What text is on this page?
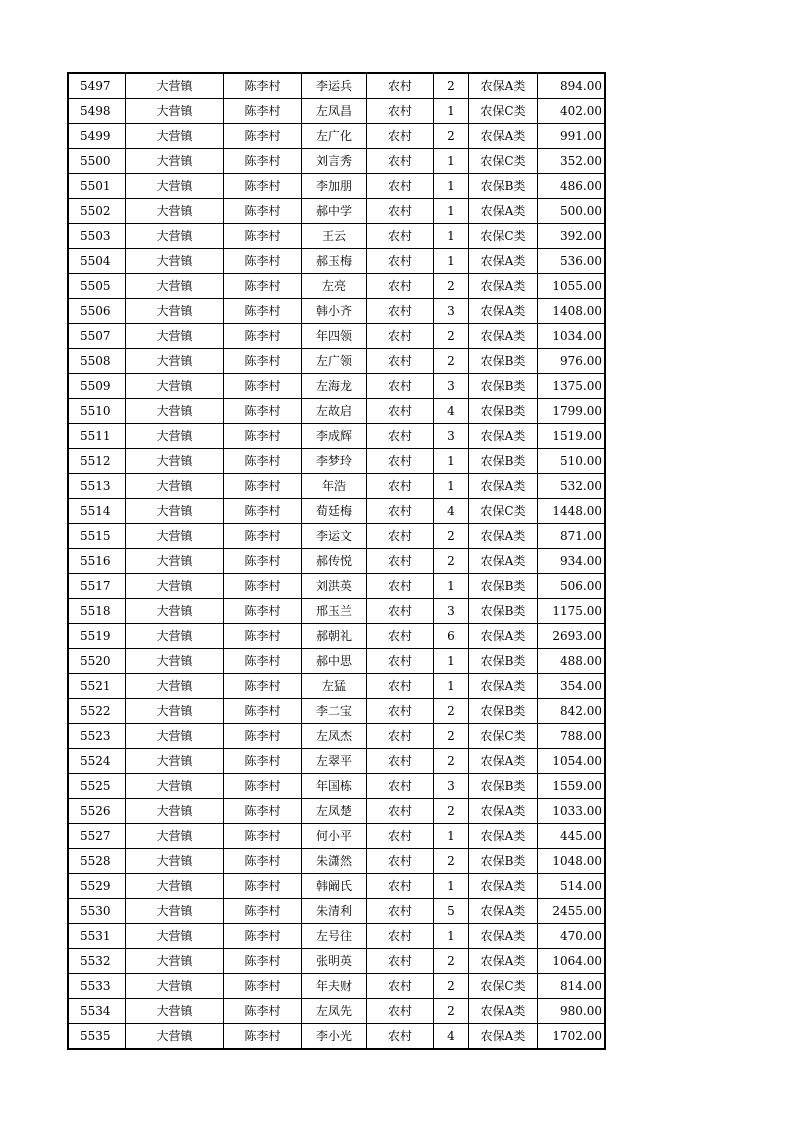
5497	大营镇	陈李村	李运兵	农村	2	农保A类	894.00
5498	大营镇	陈李村	左凤昌	农村	1	农保C类	402.00
5499	大营镇	陈李村	左广化	农村	2	农保A类	991.00
5500	大营镇	陈李村	刘言秀	农村	1	农保C类	352.00
5501	大营镇	陈李村	李加朋	农村	1	农保B类	486.00
5502	大营镇	陈李村	郝中学	农村	1	农保A类	500.00
5503	大营镇	陈李村	王云	农村	1	农保C类	392.00
5504	大营镇	陈李村	郝玉梅	农村	1	农保A类	536.00
5505	大营镇	陈李村	左亮	农村	2	农保A类	1055.00
5506	大营镇	陈李村	韩小齐	农村	3	农保A类	1408.00
5507	大营镇	陈李村	年四领	农村	2	农保A类	1034.00
5508	大营镇	陈李村	左广领	农村	2	农保B类	976.00
5509	大营镇	陈李村	左海龙	农村	3	农保B类	1375.00
5510	大营镇	陈李村	左故启	农村	4	农保B类	1799.00
5511	大营镇	陈李村	李成辉	农村	3	农保A类	1519.00
5512	大营镇	陈李村	李梦玲	农村	1	农保B类	510.00
5513	大营镇	陈李村	年浩	农村	1	农保A类	532.00
5514	大营镇	陈李村	荀廷梅	农村	4	农保C类	1448.00
5515	大营镇	陈李村	李运文	农村	2	农保A类	871.00
5516	大营镇	陈李村	郝传悦	农村	2	农保A类	934.00
5517	大营镇	陈李村	刘洪英	农村	1	农保B类	506.00
5518	大营镇	陈李村	邢玉兰	农村	3	农保B类	1175.00
5519	大营镇	陈李村	郝朝礼	农村	6	农保A类	2693.00
5520	大营镇	陈李村	郝中思	农村	1	农保B类	488.00
5521	大营镇	陈李村	左猛	农村	1	农保A类	354.00
5522	大营镇	陈李村	李二宝	农村	2	农保B类	842.00
5523	大营镇	陈李村	左凤杰	农村	2	农保C类	788.00
5524	大营镇	陈李村	左翠平	农村	2	农保A类	1054.00
5525	大营镇	陈李村	年国栋	农村	3	农保B类	1559.00
5526	大营镇	陈李村	左凤楚	农村	2	农保A类	1033.00
5527	大营镇	陈李村	何小平	农村	1	农保A类	445.00
5528	大营镇	陈李村	朱潇然	农村	2	农保B类	1048.00
5529	大营镇	陈李村	韩阚氏	农村	1	农保A类	514.00
5530	大营镇	陈李村	朱清利	农村	5	农保A类	2455.00
5531	大营镇	陈李村	左号往	农村	1	农保A类	470.00
5532	大营镇	陈李村	张明英	农村	2	农保A类	1064.00
5533	大营镇	陈李村	年夫财	农村	2	农保C类	814.00
5534	大营镇	陈李村	左凤先	农村	2	农保A类	980.00
5535	大营镇	陈李村	李小光	农村	4	农保A类	1702.00
